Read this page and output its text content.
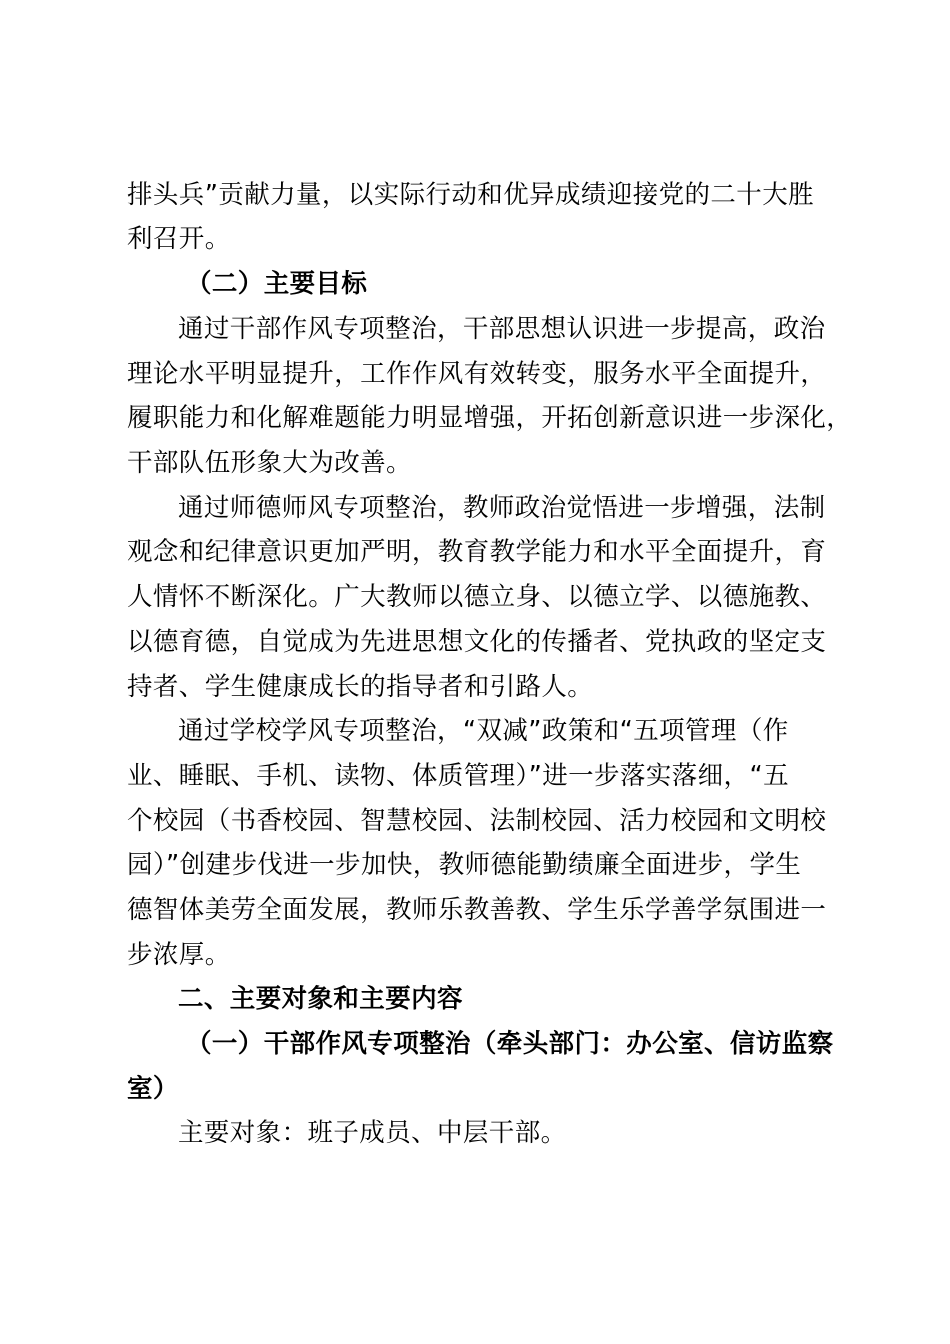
排头兵”贡献力量，以实际行动和优异成绩迎接党的二十大胜
利召开。
（二）主要目标
通过干部作风专项整治，干部思想认识进一步提高，政治
理论水平明显提升，工作作风有效转变，服务水平全面提升，
履职能力和化解难题能力明显增强，开拓创新意识进一步深化，
干部队伍形象大为改善。
通过师德师风专项整治，教师政治觉悟进一步增强，法制
观念和纪律意识更加严明，教育教学能力和水平全面提升，育
人情怀不断深化。广大教师以德立身、以德立学、以德施教、
以德育德，自觉成为先进思想文化的传播者、党执政的坚定支
持者、学生健康成长的指导者和引路人。
通过学校学风专项整治，“双减”政策和“五项管理（作
业、睡眠、手机、读物、体质管理）”进一步落实落细，“五
个校园（书香校园、智慧校园、法制校园、活力校园和文明校
园）”创建步伐进一步加快，教师德能勤绩廉全面进步，学生
德智体美劳全面发展，教师乐教善教、学生乐学善学氛围进一
步浓厚。
二、主要对象和主要内容
（一）干部作风专项整治（牵头部门：办公室、信访监察
室）
主要对象：班子成员、中层干部。
